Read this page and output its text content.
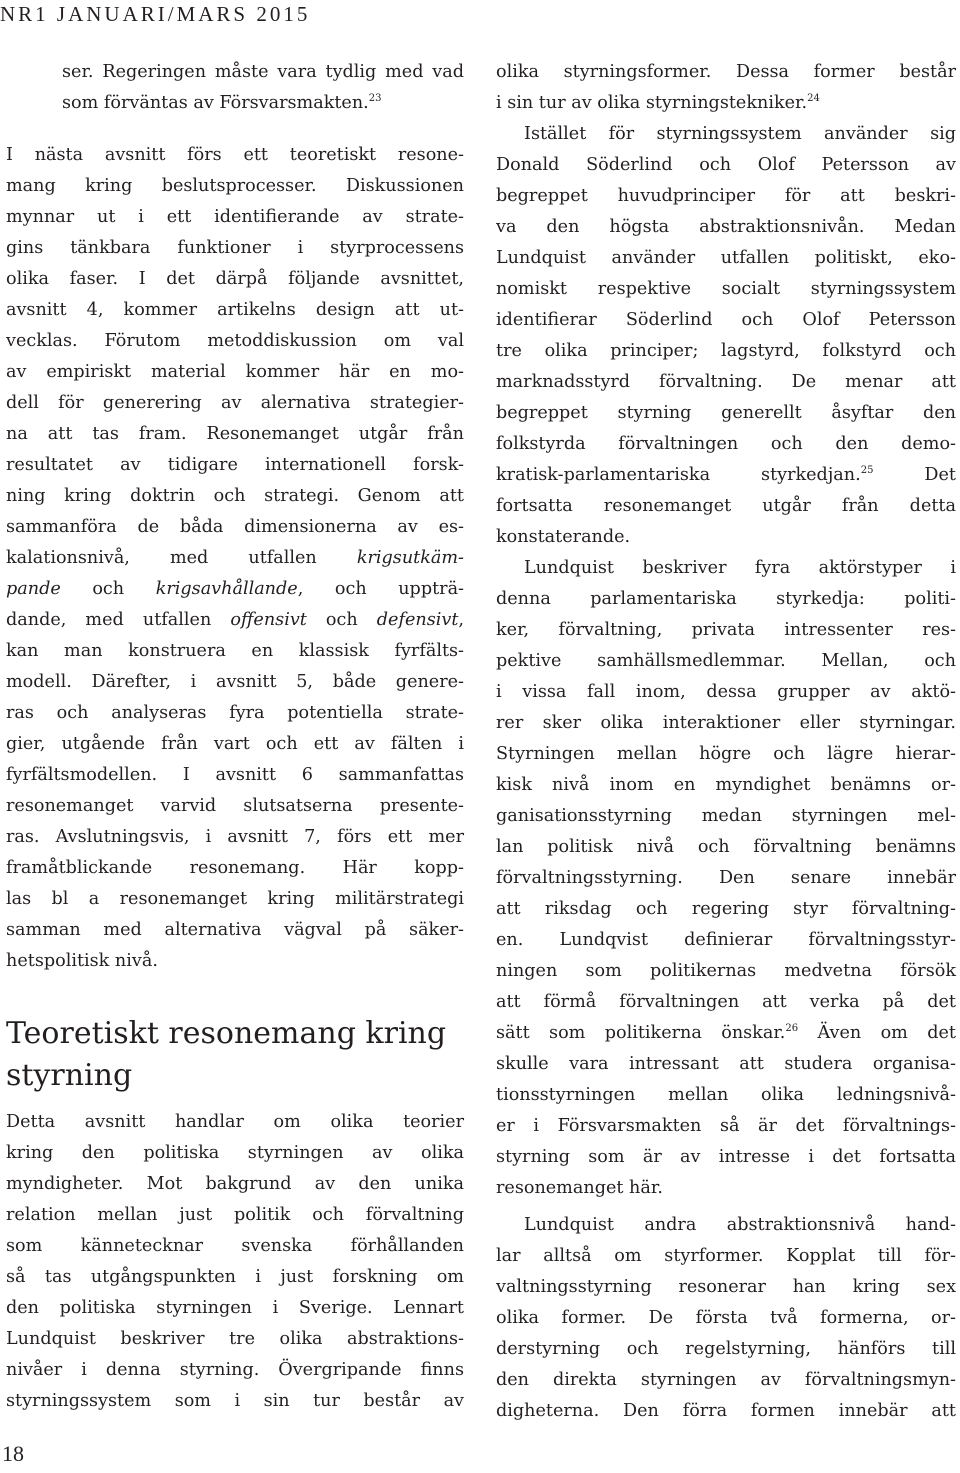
NR1 JANUARI/MARS 2015
ser. Regeringen måste vara tydlig med vad
som förväntas av Försvarsmakten.$^{23}$
I nästa avsnitt förs ett teoretiskt resone-
mang kring beslutsprocesser. Diskussionen
mynnar ut i ett identifierande av strate-
gins tänkbara funktioner i styrprocessens
olika faser. I det därpå följande avsnittet,
avsnitt 4, kommer artikelns design att ut-
vecklas. Förutom metoddiskussion om val
av empiriskt material kommer här en mo-
dell för generering av alernativa strategier-
na att tas fram. Resonemanget utgår från
resultatet av tidigare internationell forsk-
ning kring doktrin och strategi. Genom att
sammanföra de båda dimensionerna av es-
kalationsnivå, med utfallen krigsutkäm-
pande och krigsavhållande, och uppträ-
dande, med utfallen offensivt och defensivt,
kan man konstruera en klassisk fyrfälts-
modell. Därefter, i avsnitt 5, både genere-
ras och analyseras fyra potentiella strate-
gier, utgående från vart och ett av fälten i
fyrfältsmodellen. I avsnitt 6 sammanfattas
resonemanget varvid slutsatserna presente-
ras. Avslutningsvis, i avsnitt 7, förs ett mer
framåtblickande resonemang. Här kopp-
las bl a resonemanget kring militärstrategi
samman med alternativa vägval på säker-
hetspolitisk nivå.
Teoretiskt resonemang kring
styrning
Detta avsnitt handlar om olika teorier
kring den politiska styrningen av olika
myndigheter. Mot bakgrund av den unika
relation mellan just politik och förvaltning
som kännetecknar svenska förhållanden
så tas utgångspunkten i just forskning om
den politiska styrningen i Sverige. Lennart
Lundquist beskriver tre olika abstraktions-
nivåer i denna styrning. Övergripande finns
styrningssystem som i sin tur består av
olika styrningsformer. Dessa former består
i sin tur av olika styrningstekniker.$^{24}$
Istället för styrningssystem använder sig
Donald Söderlind och Olof Petersson av
begreppet huvudprinciper för att beskri-
va den högsta abstraktionsnivån. Medan
Lundquist använder utfallen politiskt, eko-
nomiskt respektive socialt styrningssystem
identifierar Söderlind och Olof Petersson
tre olika principer; lagstyrd, folkstyrd och
marknadsstyrd förvaltning. De menar att
begreppet styrning generellt åsyftar den
folkstyrda förvaltningen och den demo-
kratisk-parlamentariska styrkedjan.$^{25}$ Det
fortsatta resonemanget utgår från detta
konstaterande.
Lundquist beskriver fyra aktörstyper i
denna parlamentariska styrkedja: politi-
ker, förvaltning, privata intressenter res-
pektive samhällsmedlemmar. Mellan, och
i vissa fall inom, dessa grupper av aktö-
rer sker olika interaktioner eller styrningar.
Styrningen mellan högre och lägre hierar-
kisk nivå inom en myndighet benämns or-
ganisationsstyrning medan styrningen mel-
lan politisk nivå och förvaltning benämns
förvaltningsstyrning. Den senare innebär
att riksdag och regering styr förvaltning-
en. Lundqvist definierar förvaltningsstyr-
ningen som politikernas medvetna försök
att förmå förvaltningen att verka på det
sätt som politikerna önskar.$^{26}$ Även om det
skulle vara intressant att studera organisa-
tionsstyrningen mellan olika ledningsnivå-
er i Försvarsmakten så är det förvaltnings-
styrning som är av intresse i det fortsatta
resonemanget här.
Lundquist andra abstraktionsnivå hand-
lar alltså om styrformer. Kopplat till för-
valtningsstyrning resonerar han kring sex
olika former. De första två formerna, or-
derstyrning och regelstyrning, hänförs till
den direkta styrningen av förvaltningsmyn-
digheterna. Den förra formen innebär att
18
